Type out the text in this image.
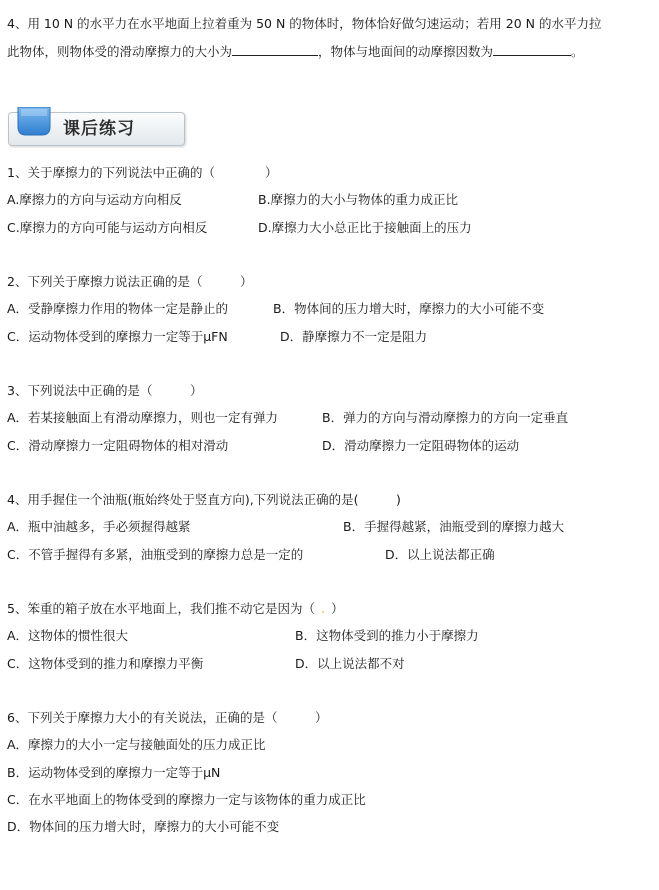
4、用 10 N 的水平力在水平地面上拉着重为 50 N 的物体时，物体恰好做匀速运动；若用 20 N 的水平力拉
此物体，则物体受的滑动摩擦力的大小为	，物体与地面间的动摩擦因数为	。
课后练习
1、关于摩擦力的下列说法中正确的（　　　　）
A.摩擦力的方向与运动方向相反	B.摩擦力的大小与物体的重力成正比
C.摩擦力的方向可能与运动方向相反	D.摩擦力大小总正比于接触面上的压力
2、下列关于摩擦力说法正确的是（　　　）
A．受静摩擦力作用的物体一定是静止的	B．物体间的压力增大时，摩擦力的大小可能不变
C．运动物体受到的摩擦力一定等于μFN	D．静摩擦力不一定是阻力
3、下列说法中正确的是（　　　）
A．若某接触面上有滑动摩擦力，则也一定有弹力	B．弹力的方向与滑动摩擦力的方向一定垂直
C．滑动摩擦力一定阻碍物体的相对滑动	D．滑动摩擦力一定阻碍物体的运动
4、用手握住一个油瓶(瓶始终处于竖直方向),下列说法正确的是(　　　)
A．瓶中油越多，手必须握得越紧	B．手握得越紧，油瓶受到的摩擦力越大
C．不管手握得有多紧，油瓶受到的摩擦力总是一定的	D．以上说法都正确
5、笨重的箱子放在水平地面上，我们推不动它是因为（ . ）
A．这物体的惯性很大	B．这物体受到的推力小于摩擦力
C．这物体受到的推力和摩擦力平衡	D．以上说法都不对
6、下列关于摩擦力大小的有关说法，正确的是（　　　）
A．摩擦力的大小一定与接触面处的压力成正比
B．运动物体受到的摩擦力一定等于μN
C．在水平地面上的物体受到的摩擦力一定与该物体的重力成正比
D．物体间的压力增大时，摩擦力的大小可能不变
